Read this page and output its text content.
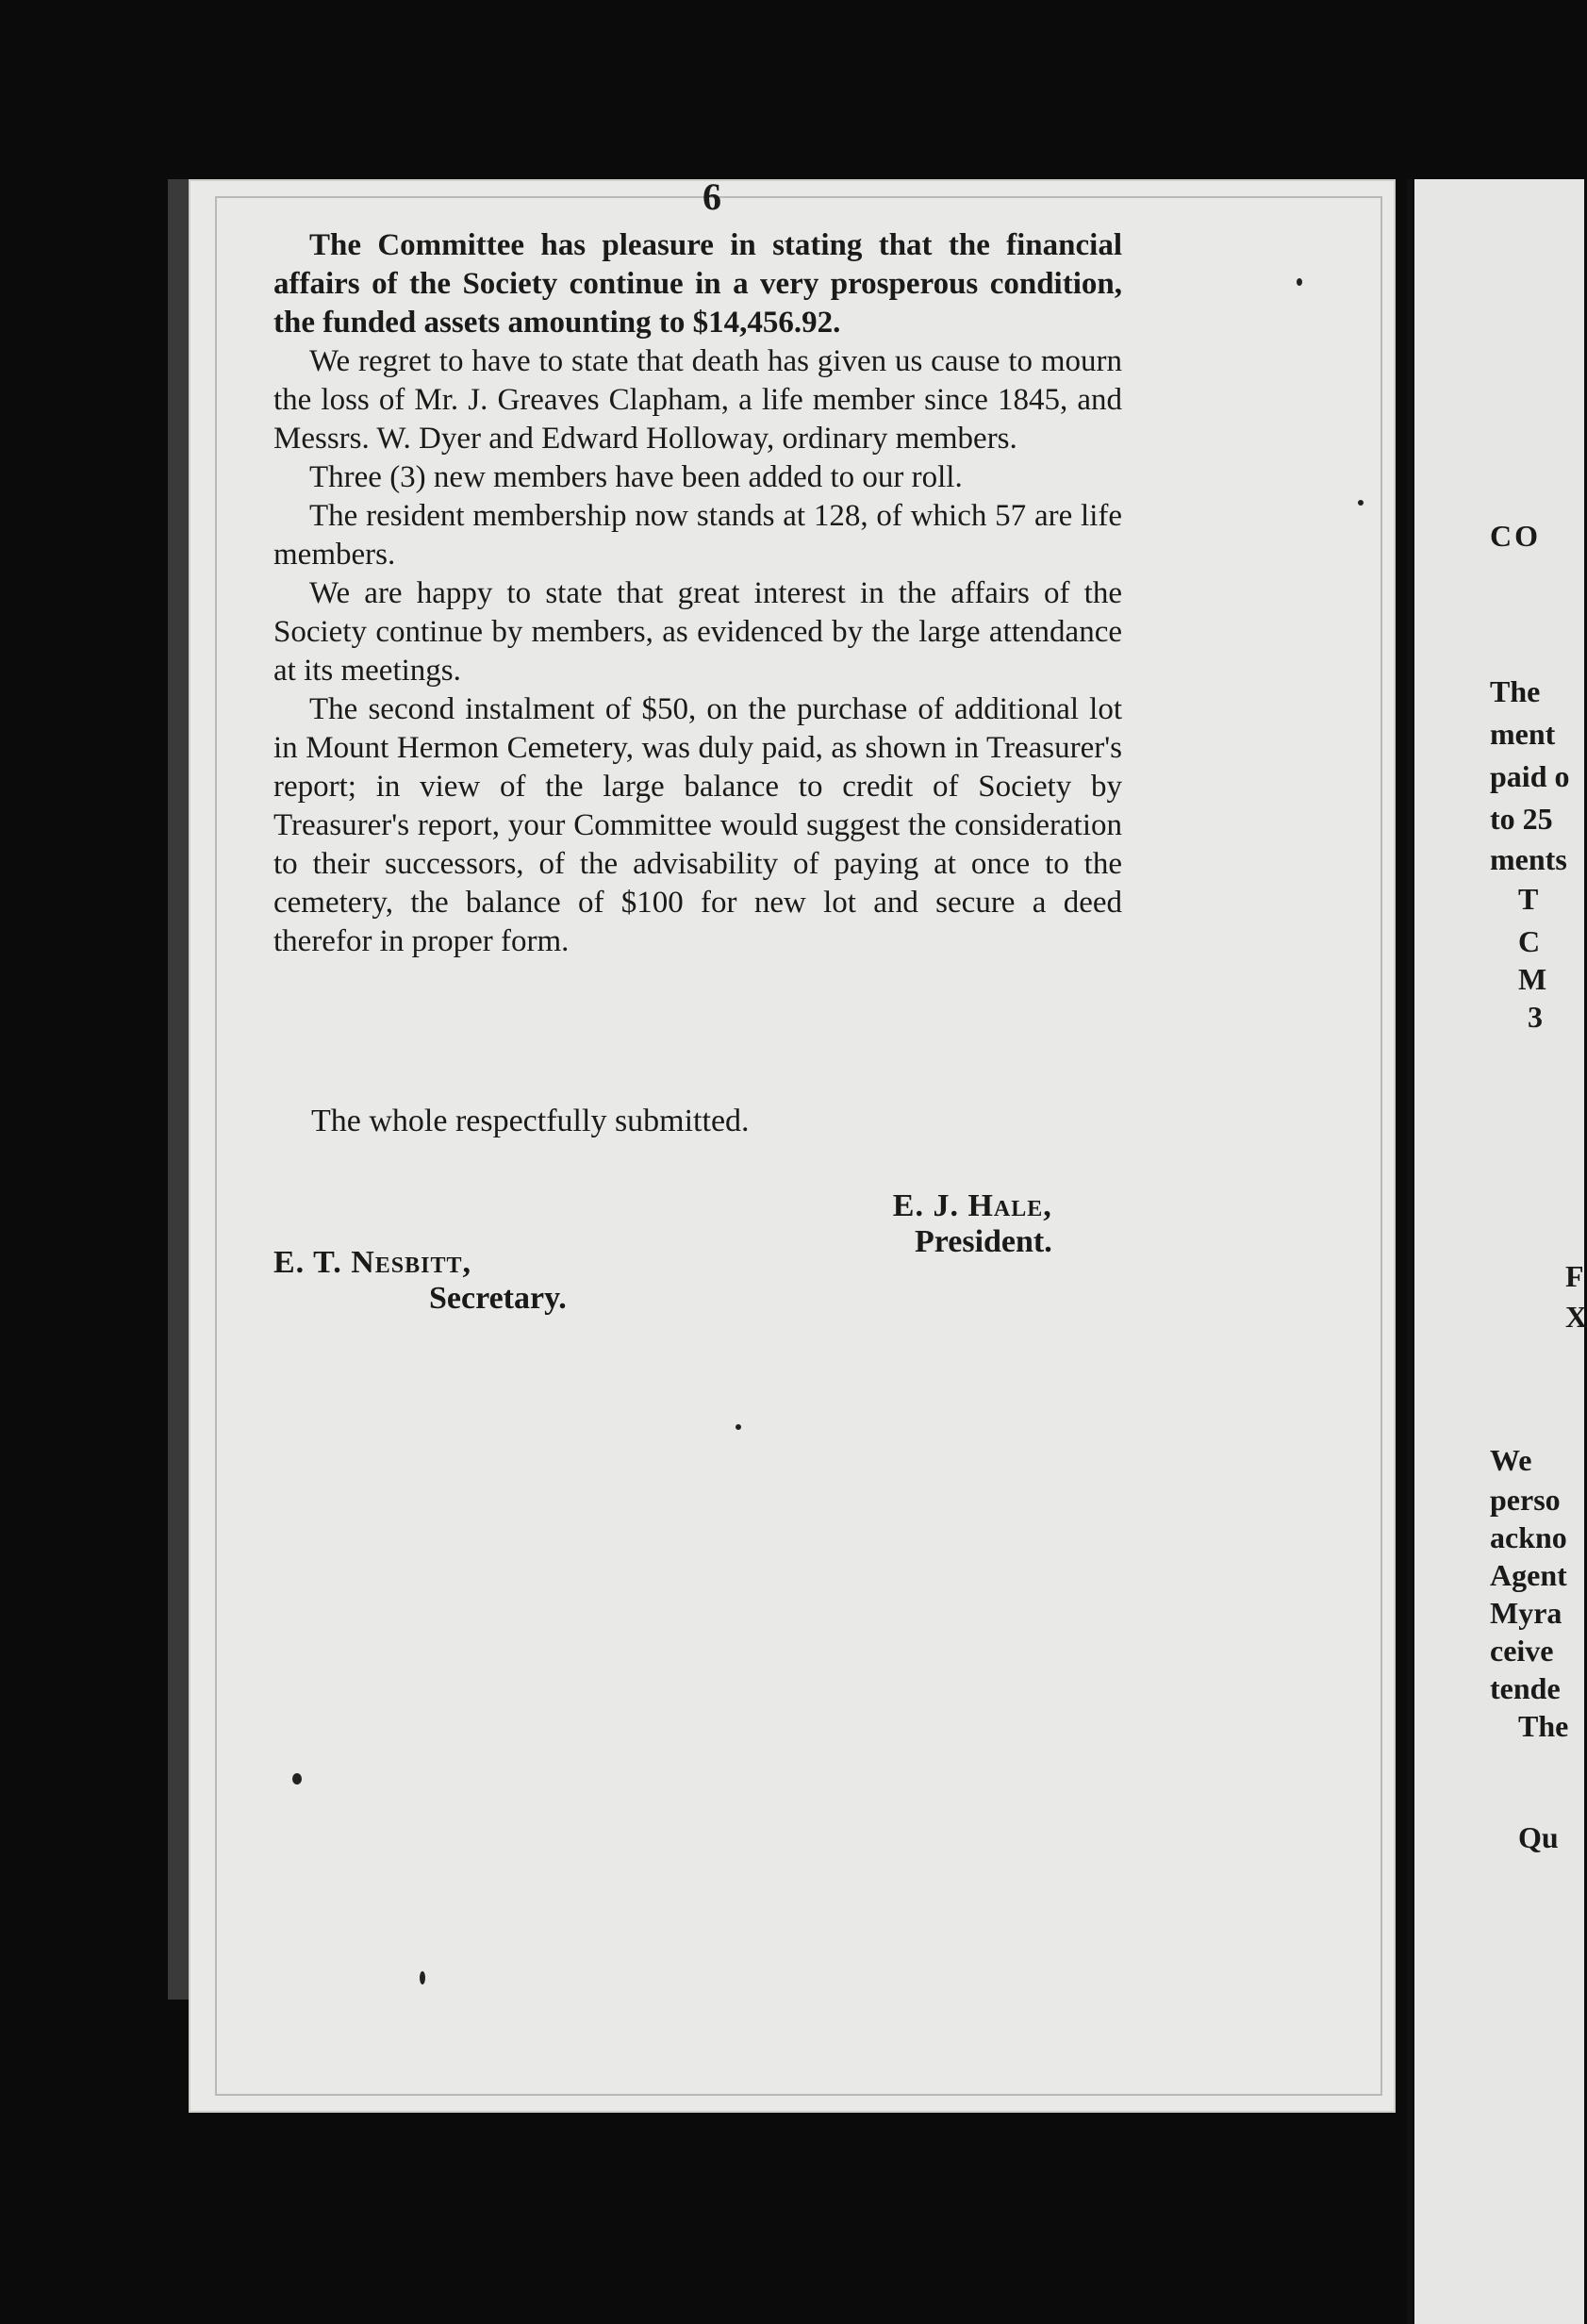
6

The Committee has pleasure in stating that the financial affairs of the Society continue in a very prosperous condition, the funded assets amounting to $14,456.92.

We regret to have to state that death has given us cause to mourn the loss of Mr. J. Greaves Clapham, a life member since 1845, and Messrs. W. Dyer and Edward Holloway, ordinary members.

Three (3) new members have been added to our roll.

The resident membership now stands at 128, of which 57 are life members.

We are happy to state that great interest in the affairs of the Society continue by members, as evidenced by the large attendance at its meetings.

The second instalment of $50, on the purchase of additional lot in Mount Hermon Cemetery, was duly paid, as shown in Treasurer's report; in view of the large balance to credit of Society by Treasurer's report, your Committee would suggest the consideration to their successors, of the advisability of paying at once to the cemetery, the balance of $100 for new lot and secure a deed therefor in proper form.

The whole respectfully submitted.
E. J. Hale,
President.
E. T. Nesbitt,
Secretary.
CO
The
ment
paid o
to 25
ments
T
C
M
3
F
X
We
perso
ackno
Agent
Myra
ceive
tende
The
Qu
